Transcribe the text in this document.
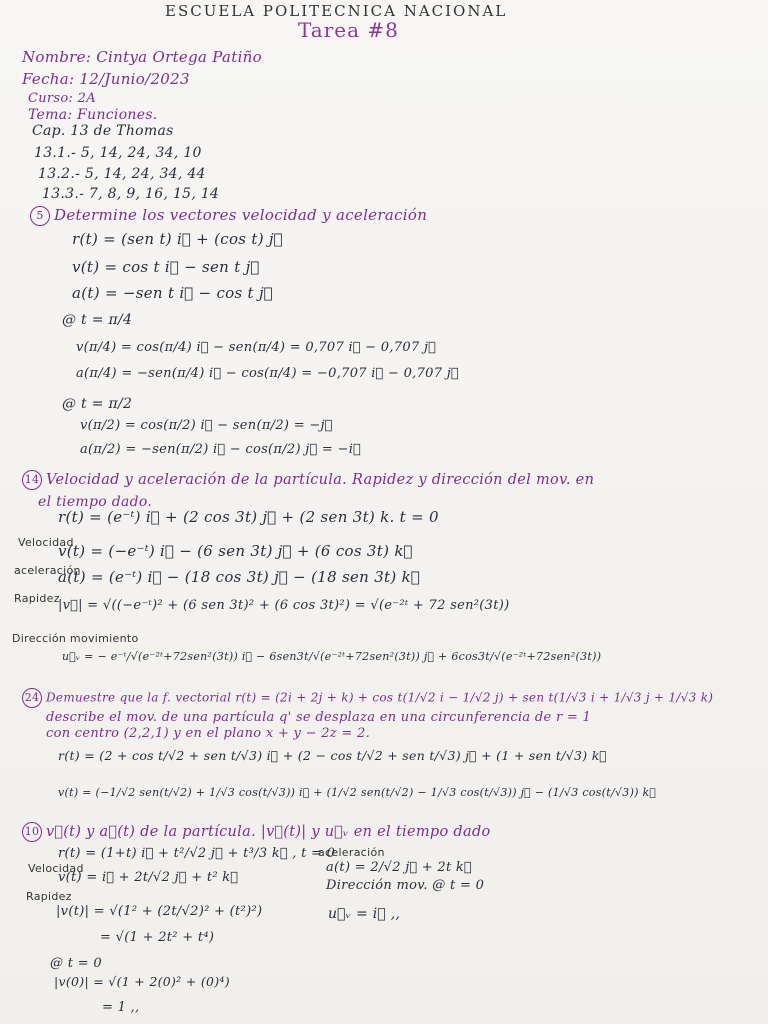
ESCUELA POLITECNICA NACIONAL
Tarea #8
Nombre: Cintya Ortega Patiño
Fecha: 12/Junio/2023
Curso: 2A
Tema: Funciones.
Cap. 13 de Thomas
13.1.- 5, 14, 24, 34, 10
13.2.- 5, 14, 24, 34, 44
13.3.- 7, 8, 9, 16, 15, 14
5 Determine los vectores velocidad y aceleración
r(t) = (sen t) i⃗ + (cos t) j⃗
v(t) = cos t i⃗ − sen t j⃗
a(t) = −sen t i⃗ − cos t j⃗
@ t = π/4
v(π/4) = cos(π/4) i⃗ − sen(π/4) = 0,707 i⃗ − 0,707 j⃗
a(π/4) = −sen(π/4) i⃗ − cos(π/4) = −0,707 i⃗ − 0,707 j⃗
@ t = π/2
v(π/2) = cos(π/2) i⃗ − sen(π/2) = −j⃗
a(π/2) = −sen(π/2) i⃗ − cos(π/2) j⃗ = −i⃗
14 Velocidad y aceleración de la partícula. Rapidez y dirección del mov. en
el tiempo dado.
r(t) = (e⁻ᵗ) i⃗ + (2 cos 3t) j⃗ + (2 sen 3t) k. t = 0
Velocidad
v(t) = (−e⁻ᵗ) i⃗ − (6 sen 3t) j⃗ + (6 cos 3t) k⃗
aceleración
a(t) = (e⁻ᵗ) i⃗ − (18 cos 3t) j⃗ − (18 sen 3t) k⃗
Rapidez
|v⃗| = √((−e⁻ᵗ)² + (6 sen 3t)² + (6 cos 3t)²) = √(e⁻²ᵗ + 72 sen²(3t))
Dirección movimiento
u⃗ᵥ = − e⁻ᵗ/√(e⁻²ᵗ+72sen²(3t)) i⃗ − 6sen3t/√(e⁻²ᵗ+72sen²(3t)) j⃗ + 6cos3t/√(e⁻²ᵗ+72sen²(3t))
24 Demuestre que la f. vectorial r(t) = (2i + 2j + k) + cos t(1/√2 i − 1/√2 j) + sen t(1/√3 i + 1/√3 j + 1/√3 k)
describe el mov. de una partícula q' se desplaza en una circunferencia de r = 1
con centro (2,2,1) y en el plano x + y − 2z = 2.
r(t) = (2 + cos t/√2 + sen t/√3) i⃗ + (2 − cos t/√2 + sen t/√3) j⃗ + (1 + sen t/√3) k⃗
v(t) = (−1/√2 sen(t/√2) + 1/√3 cos(t/√3)) i⃗ + (1/√2 sen(t/√2) − 1/√3 cos(t/√3)) j⃗ − (1/√3 cos(t/√3)) k⃗
10 v⃗(t) y a⃗(t) de la partícula. |v⃗(t)| y u⃗ᵥ en el tiempo dado
r(t) = (1+t) i⃗ + t²/√2 j⃗ + t³/3 k⃗ , t = 0
Velocidad
v(t) = i⃗ + 2t/√2 j⃗ + t² k⃗
aceleración
a(t) = 2/√2 j⃗ + 2t k⃗
Rapidez
|v(t)| = √(1² + (2t/√2)² + (t²)²)
= √(1 + 2t² + t⁴)
Dirección mov. @ t = 0
u⃗ᵥ = i⃗ ,,
@ t = 0
|v(0)| = √(1 + 2(0)² + (0)⁴)
= 1 ,,
